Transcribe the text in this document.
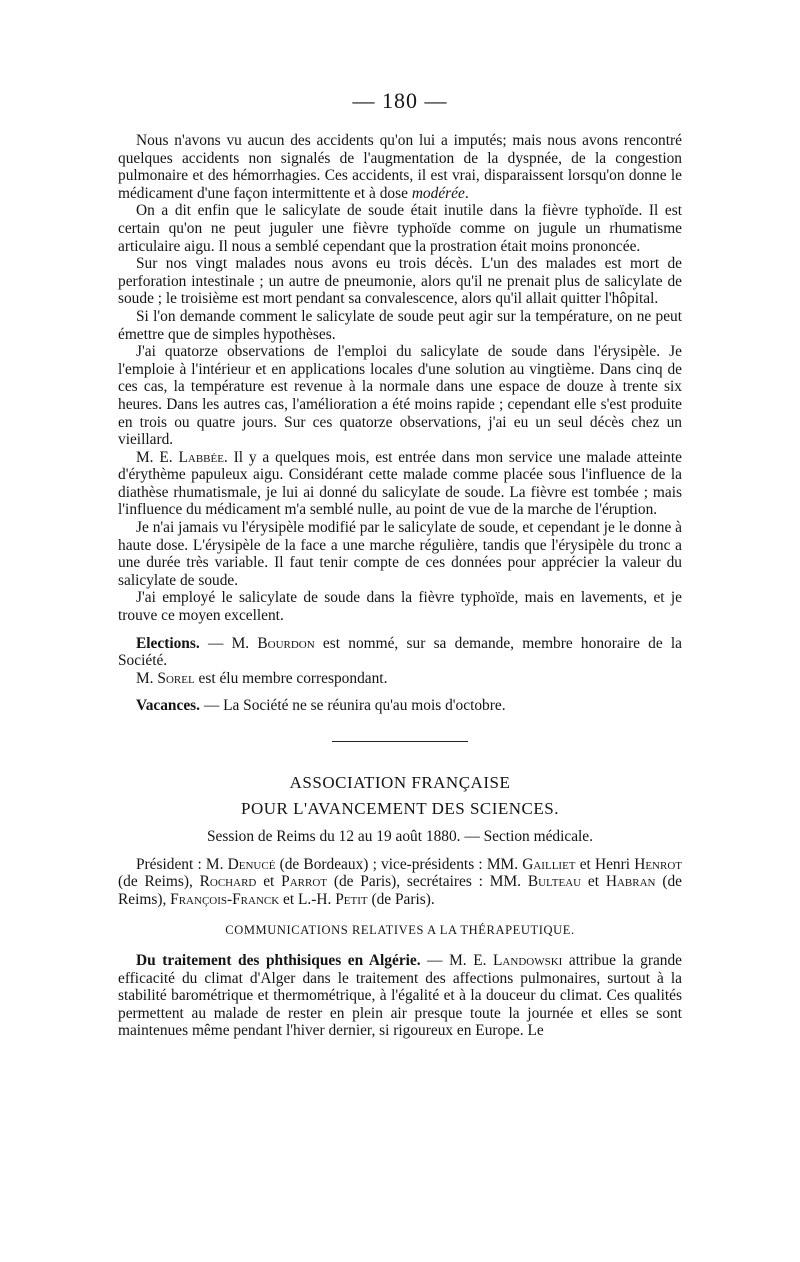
— 180 —

Nous n'avons vu aucun des accidents qu'on lui a imputés; mais nous avons rencontré quelques accidents non signalés de l'augmentation de la dyspnée, de la congestion pulmonaire et des hémorrhagies. Ces accidents, il est vrai, disparaissent lorsqu'on donne le médicament d'une façon intermittente et à dose modérée.

On a dit enfin que le salicylate de soude était inutile dans la fièvre typhoïde. Il est certain qu'on ne peut juguler une fièvre typhoïde comme on jugule un rhumatisme articulaire aigu. Il nous a semblé cependant que la prostration était moins prononcée.

Sur nos vingt malades nous avons eu trois décès. L'un des malades est mort de perforation intestinale ; un autre de pneumonie, alors qu'il ne prenait plus de salicylate de soude ; le troisième est mort pendant sa convalescence, alors qu'il allait quitter l'hôpital.

Si l'on demande comment le salicylate de soude peut agir sur la température, on ne peut émettre que de simples hypothèses.

J'ai quatorze observations de l'emploi du salicylate de soude dans l'érysipèle. Je l'emploie à l'intérieur et en applications locales d'une solution au vingtième. Dans cinq de ces cas, la température est revenue à la normale dans une espace de douze à trente six heures. Dans les autres cas, l'amélioration a été moins rapide ; cependant elle s'est produite en trois ou quatre jours. Sur ces quatorze observations, j'ai eu un seul décès chez un vieillard.

M. E. Labbée. Il y a quelques mois, est entrée dans mon service une malade atteinte d'érythème papuleux aigu. Considérant cette malade comme placée sous l'influence de la diathèse rhumatismale, je lui ai donné du salicylate de soude. La fièvre est tombée ; mais l'influence du médicament m'a semblé nulle, au point de vue de la marche de l'éruption.

Je n'ai jamais vu l'érysipèle modifié par le salicylate de soude, et cependant je le donne à haute dose. L'érysipèle de la face a une marche régulière, tandis que l'érysipèle du tronc a une durée très variable. Il faut tenir compte de ces données pour apprécier la valeur du salicylate de soude.

J'ai employé le salicylate de soude dans la fièvre typhoïde, mais en lavements, et je trouve ce moyen excellent.

Elections. — M. Bourdon est nommé, sur sa demande, membre honoraire de la Société.

M. Sorel est élu membre correspondant.

Vacances. — La Société ne se réunira qu'au mois d'octobre.

ASSOCIATION FRANÇAISE

POUR L'AVANCEMENT DES SCIENCES.

Session de Reims du 12 au 19 août 1880. — Section médicale.

Président : M. Denucé (de Bordeaux) ; vice-présidents : MM. Gailliet et Henri Henrot (de Reims), Rochard et Parrot (de Paris), secrétaires : MM. Bulteau et Habran (de Reims), François-Franck et L.-H. Petit (de Paris).

COMMUNICATIONS RELATIVES A LA THÉRAPEUTIQUE.

Du traitement des phthisiques en Algérie. — M. E. Landowski attribue la grande efficacité du climat d'Alger dans le traitement des affections pulmonaires, surtout à la stabilité barométrique et thermométrique, à l'égalité et à la douceur du climat. Ces qualités permettent au malade de rester en plein air presque toute la journée et elles se sont maintenues même pendant l'hiver dernier, si rigoureux en Europe. Le
